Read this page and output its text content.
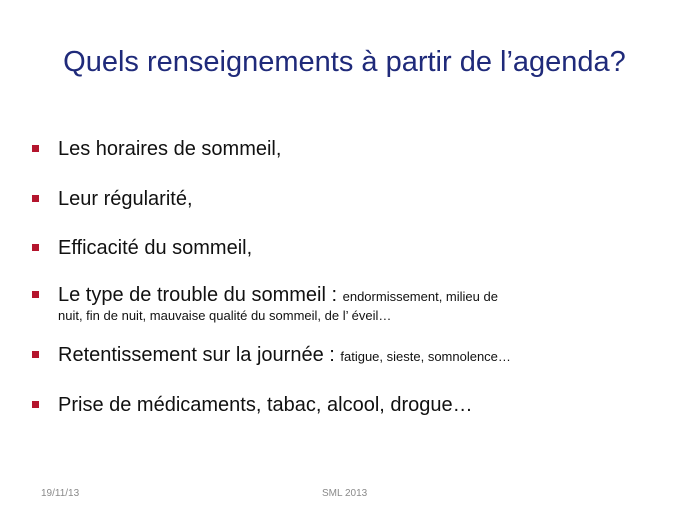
Quels renseignements à partir de l’agenda?
Les horaires de sommeil,
Leur régularité,
Efficacité du sommeil,
Le type de trouble du sommeil : endormissement, milieu de
nuit, fin de nuit, mauvaise qualité du sommeil, de l’ éveil…
Retentissement sur la journée : fatigue, sieste, somnolence…
Prise de médicaments, tabac, alcool, drogue…
19/11/13	SML 2013
